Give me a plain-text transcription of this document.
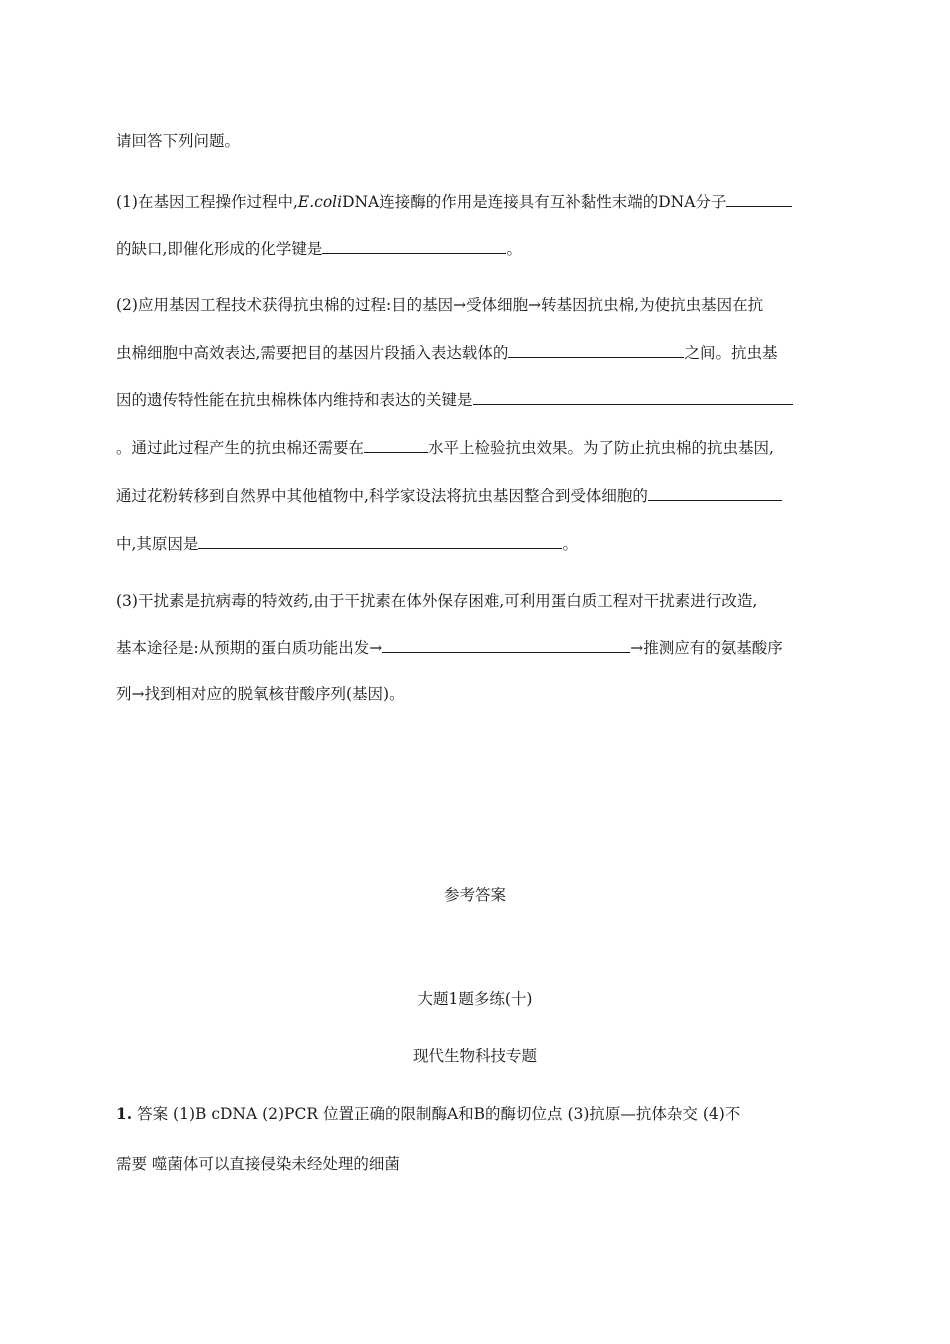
请回答下列问题。
(1)在基因工程操作过程中,E.coliDNA连接酶的作用是连接具有互补黏性末端的DNA分子
的缺口,即催化形成的化学键是	。
(2)应用基因工程技术获得抗虫棉的过程:目的基因→受体细胞→转基因抗虫棉,为使抗虫基因在抗
虫棉细胞中高效表达,需要把目的基因片段插入表达载体的	之间。抗虫基
因的遗传特性能在抗虫棉株体内维持和表达的关键是
。通过此过程产生的抗虫棉还需要在	水平上检验抗虫效果。为了防止抗虫棉的抗虫基因,
通过花粉转移到自然界中其他植物中,科学家设法将抗虫基因整合到受体细胞的
中,其原因是	。
(3)干扰素是抗病毒的特效药,由于干扰素在体外保存困难,可利用蛋白质工程对干扰素进行改造,
基本途径是:从预期的蛋白质功能出发→	→推测应有的氨基酸序
列→找到相对应的脱氧核苷酸序列(基因)。
参考答案
大题1题多练(十)
现代生物科技专题
1. 答案 (1)B cDNA (2)PCR 位置正确的限制酶A和B的酶切位点 (3)抗原—抗体杂交 (4)不
需要 噬菌体可以直接侵染未经处理的细菌
